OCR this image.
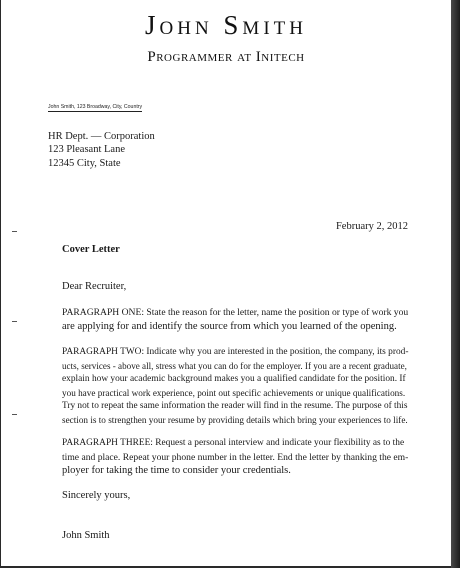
John Smith
Programmer at Initech
John Smith, 123 Broadway, City, Country
HR Dept. — Corporation
123 Pleasant Lane
12345 City, State
February 2, 2012
Cover Letter
Dear Recruiter,
PARAGRAPH ONE: State the reason for the letter, name the position or type of work you
are applying for and identify the source from which you learned of the opening.
PARAGRAPH TWO: Indicate why you are interested in the position, the company, its prod-
ucts, services - above all, stress what you can do for the employer. If you are a recent graduate,
explain how your academic background makes you a qualified candidate for the position. If
you have practical work experience, point out specific achievements or unique qualifications.
Try not to repeat the same information the reader will find in the resume. The purpose of this
section is to strengthen your resume by providing details which bring your experiences to life.
PARAGRAPH THREE: Request a personal interview and indicate your flexibility as to the
time and place. Repeat your phone number in the letter. End the letter by thanking the em-
ployer for taking the time to consider your credentials.
Sincerely yours,
John Smith
